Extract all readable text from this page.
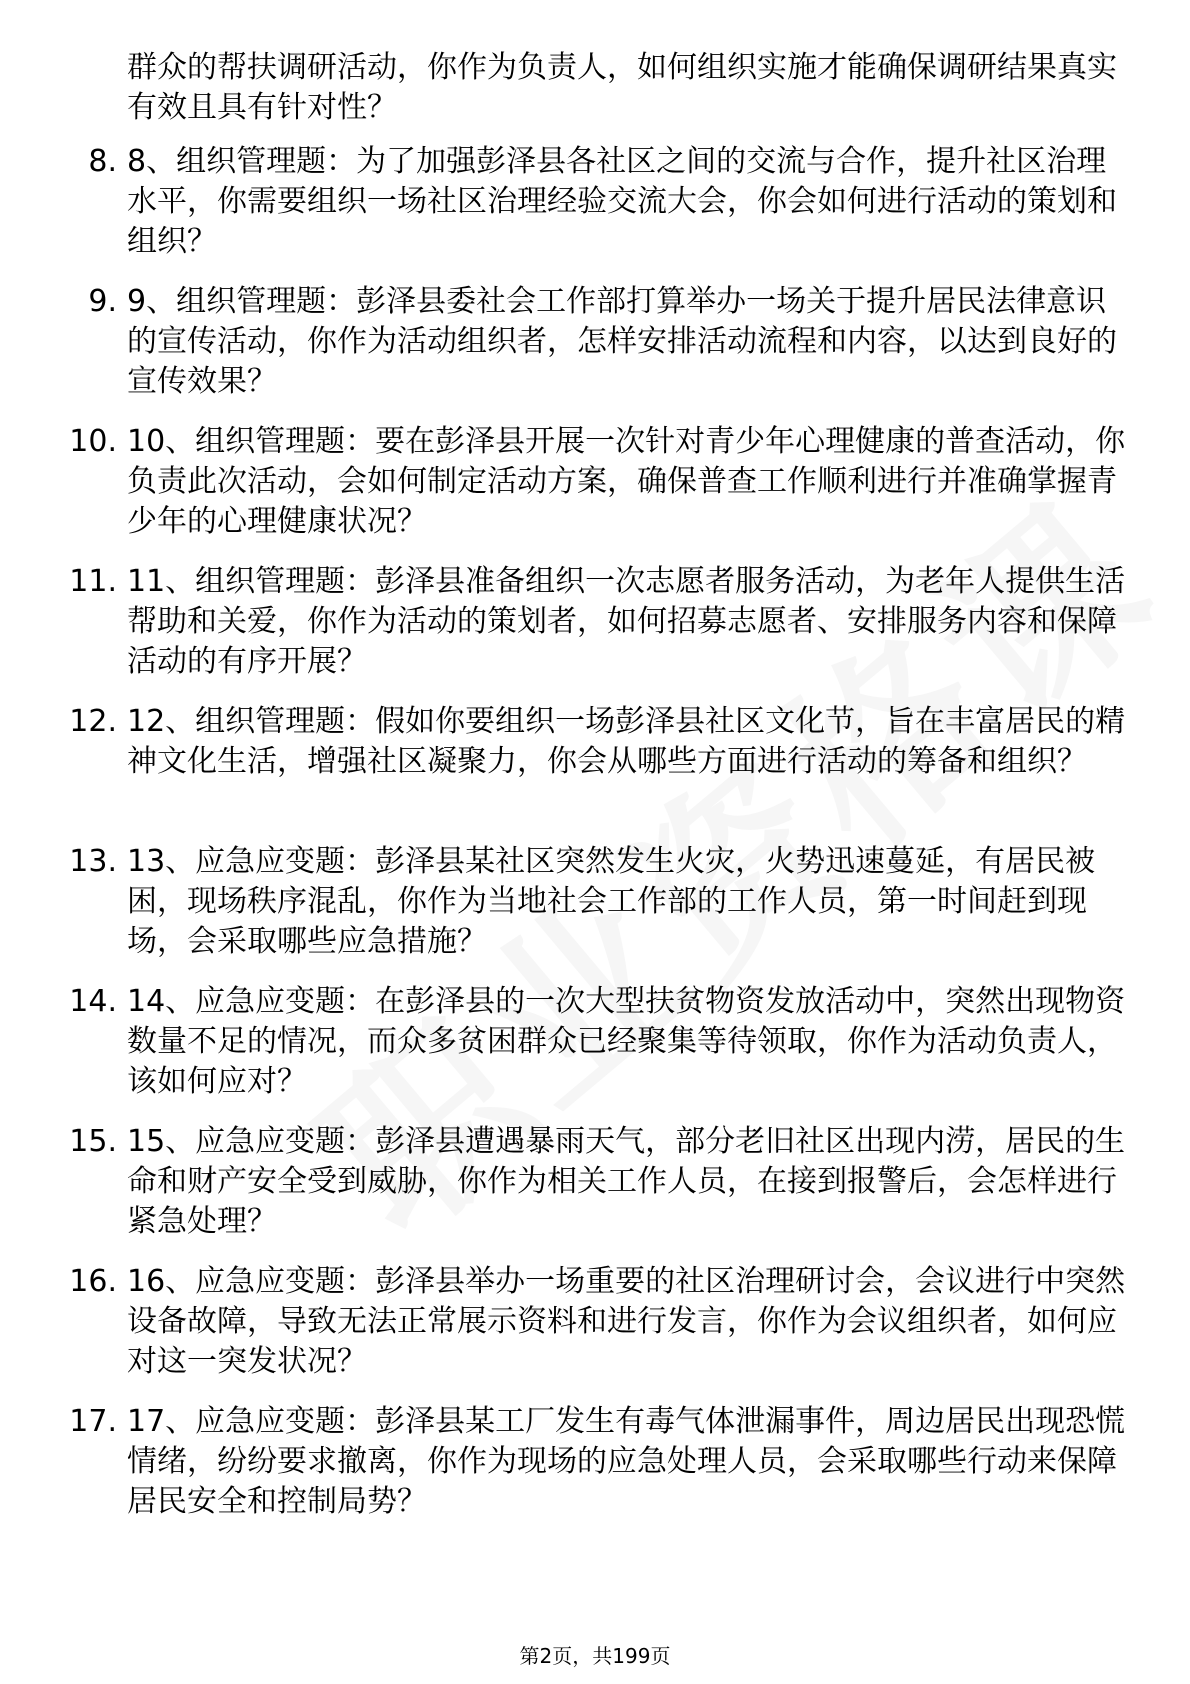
群众的帮扶调研活动，你作为负责人，如何组织实施才能确保调研结果真实有效且具有针对性？
8. 8、组织管理题：为了加强彭泽县各社区之间的交流与合作，提升社区治理水平，你需要组织一场社区治理经验交流大会，你会如何进行活动的策划和组织？
9. 9、组织管理题：彭泽县委社会工作部打算举办一场关于提升居民法律意识的宣传活动，你作为活动组织者，怎样安排活动流程和内容，以达到良好的宣传效果？
10. 10、组织管理题：要在彭泽县开展一次针对青少年心理健康的普查活动，你负责此次活动，会如何制定活动方案，确保普查工作顺利进行并准确掌握青少年的心理健康状况？
11. 11、组织管理题：彭泽县准备组织一次志愿者服务活动，为老年人提供生活帮助和关爱，你作为活动的策划者，如何招募志愿者、安排服务内容和保障活动的有序开展？
12. 12、组织管理题：假如你要组织一场彭泽县社区文化节，旨在丰富居民的精神文化生活，增强社区凝聚力，你会从哪些方面进行活动的筹备和组织？
13. 13、应急应变题：彭泽县某社区突然发生火灾，火势迅速蔓延，有居民被困，现场秩序混乱，你作为当地社会工作部的工作人员，第一时间赶到现场，会采取哪些应急措施？
14. 14、应急应变题：在彭泽县的一次大型扶贫物资发放活动中，突然出现物资数量不足的情况，而众多贫困群众已经聚集等待领取，你作为活动负责人，该如何应对？
15. 15、应急应变题：彭泽县遭遇暴雨天气，部分老旧社区出现内涝，居民的生命和财产安全受到威胁，你作为相关工作人员，在接到报警后，会怎样进行紧急处理？
16. 16、应急应变题：彭泽县举办一场重要的社区治理研讨会，会议进行中突然设备故障，导致无法正常展示资料和进行发言，你作为会议组织者，如何应对这一突发状况？
17. 17、应急应变题：彭泽县某工厂发生有毒气体泄漏事件，周边居民出现恐慌情绪，纷纷要求撤离，你作为现场的应急处理人员，会采取哪些行动来保障居民安全和控制局势？
第2页，共199页
